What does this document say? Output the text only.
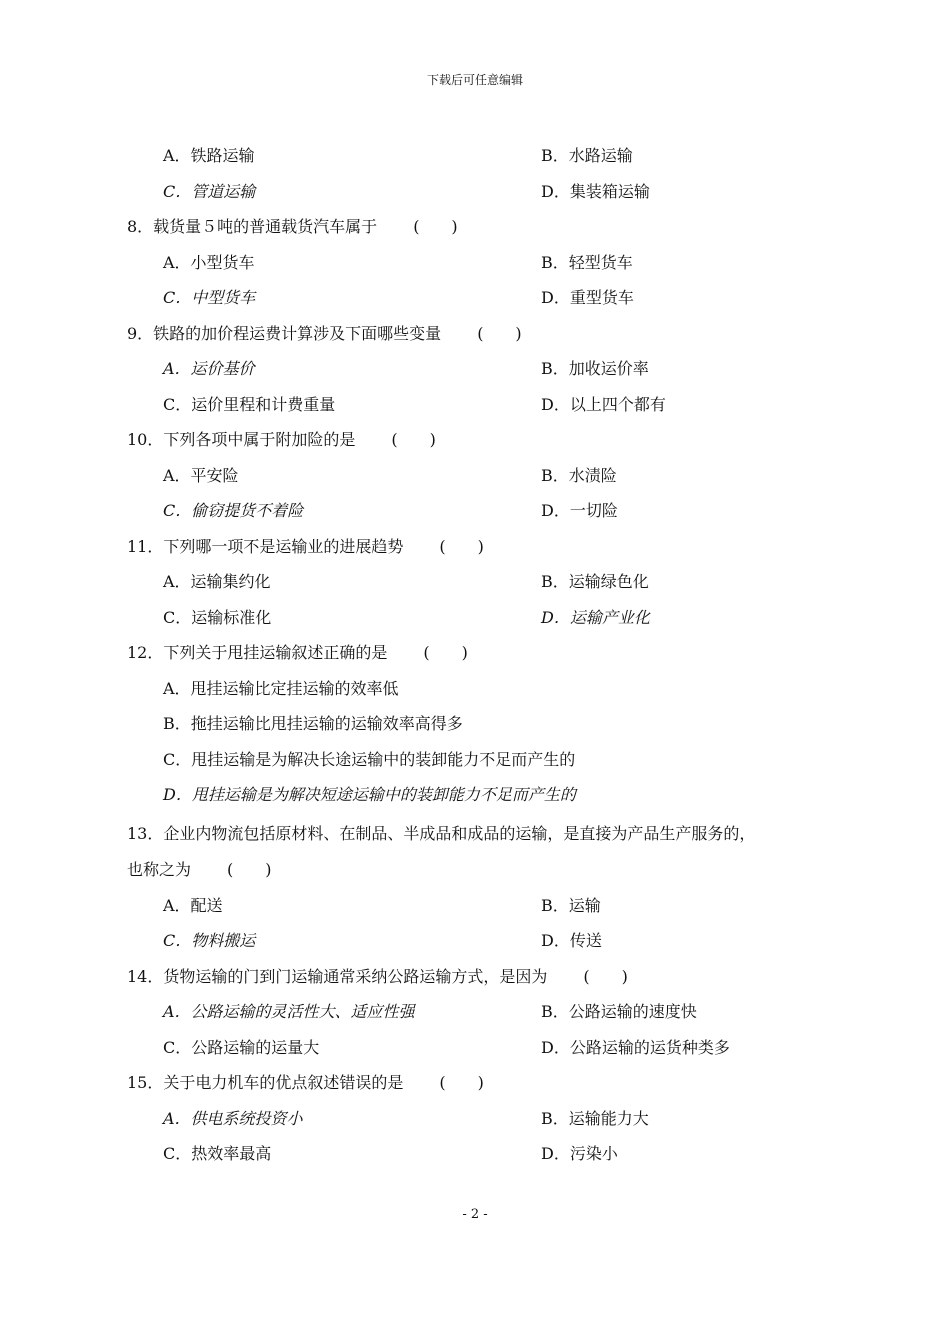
下载后可任意编辑
A．铁路运输	B．水路运输
C．管道运输	D．集装箱运输
8．载货量５吨的普通载货汽车属于 (　　)
A．小型货车	B．轻型货车
C．中型货车	D．重型货车
9．铁路的加价程运费计算涉及下面哪些变量 (　　)
A．运价基价	B．加收运价率
C．运价里程和计费重量	D．以上四个都有
10．下列各项中属于附加险的是 (　　)
A．平安险	B．水渍险
C．偷窃提货不着险	D．一切险
11．下列哪一项不是运输业的进展趋势 (　　)
A．运输集约化	B．运输绿色化
C．运输标准化	D．运输产业化
12．下列关于甩挂运输叙述正确的是 (　　)
A．甩挂运输比定挂运输的效率低
B．拖挂运输比甩挂运输的运输效率高得多
C．甩挂运输是为解决长途运输中的装卸能力不足而产生的
D．甩挂运输是为解决短途运输中的装卸能力不足而产生的
13．企业内物流包括原材料、在制品、半成品和成品的运输，是直接为产品生产服务的，
也称之为 (　　)
A．配送	B．运输
C．物料搬运	D．传送
14．货物运输的门到门运输通常采纳公路运输方式，是因为 (　　)
A．公路运输的灵活性大、适应性强	B．公路运输的速度快
C．公路运输的运量大	D．公路运输的运货种类多
15．关于电力机车的优点叙述错误的是 (　　)
A．供电系统投资小	B．运输能力大
C．热效率最高	D．污染小
- 2 -
